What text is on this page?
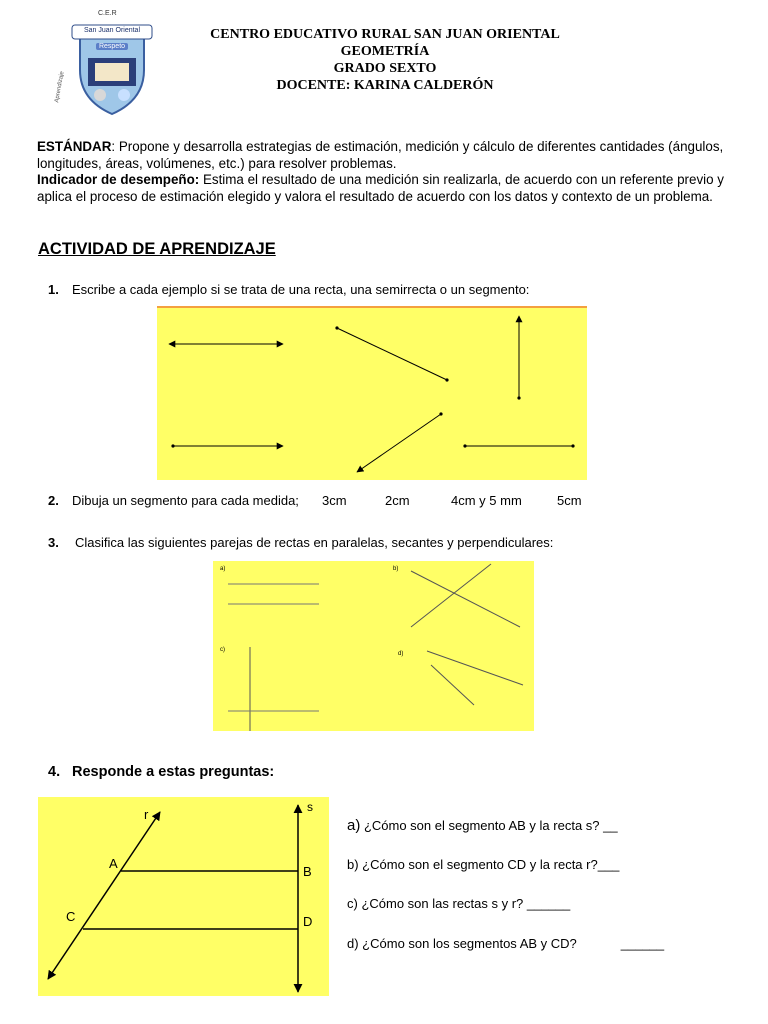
C.E.R
San Juan Oriental
Respeto
Aprendizaje
CENTRO EDUCATIVO RURAL SAN JUAN ORIENTAL
GEOMETRÍA
GRADO SEXTO
DOCENTE: KARINA CALDERÓN
ESTÁNDAR: Propone y desarrolla estrategias de estimación, medición y cálculo de diferentes cantidades (ángulos, longitudes, áreas, volúmenes, etc.) para resolver problemas.
Indicador de desempeño: Estima el resultado de una medición sin realizarla, de acuerdo con un referente previo y aplica el proceso de estimación elegido y valora el resultado de acuerdo con los datos y contexto de un problema.
ACTIVIDAD DE APRENDIZAJE
1. Escribe a cada ejemplo si se trata de una recta, una semirrecta o un segmento:
2. Dibuja un segmento para cada medida; 3cm	2cm	4cm y 5 mm	5cm
3. Clasifica las siguientes parejas de rectas en paralelas, secantes y perpendiculares:
a)	b)
c)
d)
4. Responde a estas preguntas:
r	s
A
B
C	D
a) ¿Cómo son el segmento AB y la recta s? __
b) ¿Cómo son el segmento CD y la recta r?___
c) ¿Cómo son las rectas s y r? ______
d) ¿Cómo son los segmentos AB y CD?	______
